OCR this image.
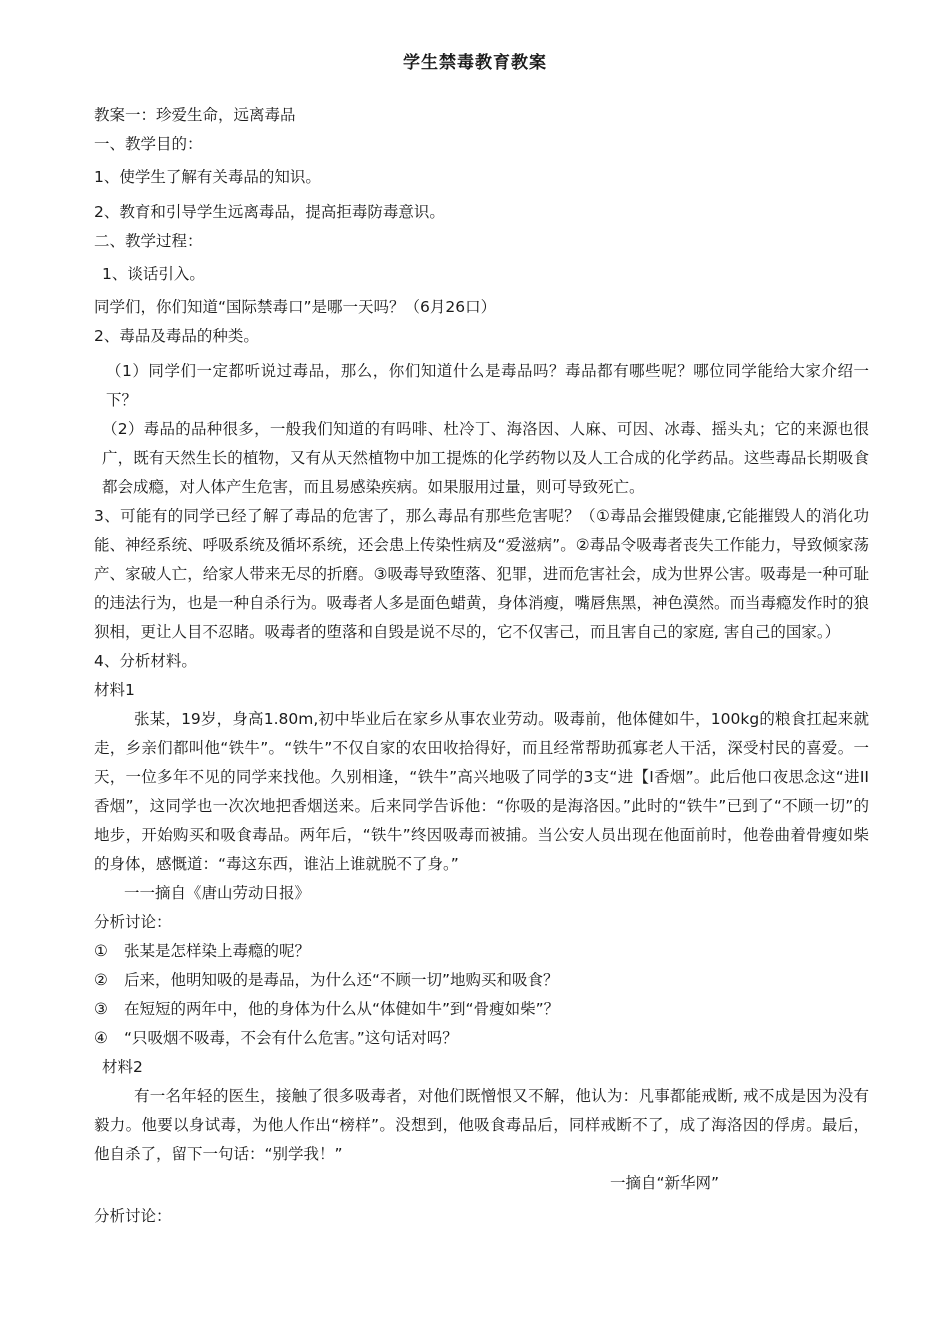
学生禁毒教育教案

教案一：珍爱生命，远离毒品

一、教学目的：

1、使学生了解有关毒品的知识。

2、教育和引导学生远离毒品，提高拒毒防毒意识。

二、教学过程：

1、谈话引入。

同学们，你们知道“国际禁毒口”是哪一天吗？（6月26口）

2、毒品及毒品的种类。

（1）同学们一定都听说过毒品，那么，你们知道什么是毒品吗？毒品都有哪些呢？哪位同学能给大家介绍一下？

（2）毒品的品种很多，一般我们知道的有吗啡、杜冷丁、海洛因、人麻、可因、冰毒、摇头丸；它的来源也很广，既有天然生长的植物，又有从天然植物中加工提炼的化学药物以及人工合成的化学药品。这些毒品长期吸食都会成瘾，对人体产生危害，而且易感染疾病。如果服用过量，则可导致死亡。

3、可能有的同学已经了解了毒品的危害了，那么毒品有那些危害呢？（①毒品会摧毁健康,它能摧毁人的消化功能、神经系统、呼吸系统及循坏系统，还会患上传染性病及“爱滋病”。②毒品令吸毒者丧失工作能力，导致倾家荡产、家破人亡，给家人带来无尽的折磨。③吸毒导致堕落、犯罪，进而危害社会，成为世界公害。吸毒是一种可耻的违法行为，也是一种自杀行为。吸毒者人多是面色蜡黄，身体消瘦，嘴唇焦黑，神色漠然。而当毒瘾发作时的狼狈相，更让人目不忍睹。吸毒者的堕落和自毁是说不尽的，它不仅害己，而且害自己的家庭, 害自己的国家。）

4、分析材料。

材料1

张某，19岁，身高1.80m,初中毕业后在家乡从事农业劳动。吸毒前，他体健如牛，100kg的粮食扛起来就走，乡亲们都叫他“铁牛”。“铁牛”不仅自家的农田收拾得好，而且经常帮助孤寡老人干活，深受村民的喜爱。一天，一位多年不见的同学来找他。久别相逢，“铁牛”高兴地吸了同学的3支“进【I香烟”。此后他口夜思念这“进II香烟”，这同学也一次次地把香烟送来。后来同学告诉他：“你吸的是海洛因。”此时的“铁牛”已到了“不顾一切”的地步，开始购买和吸食毒品。两年后，“铁牛”终因吸毒而被捕。当公安人员出现在他面前时，他卷曲着骨瘦如柴的身体，感慨道：“毒这东西，谁沾上谁就脱不了身。”

一一摘自《唐山劳动日报》

分析讨论：

① 张某是怎样染上毒瘾的呢？

② 后来，他明知吸的是毒品，为什么还“不顾一切”地购买和吸食？

③ 在短短的两年中，他的身体为什么从“体健如牛”到“骨瘦如柴”？

④ “只吸烟不吸毒，不会有什么危害。”这句话对吗？

材料2

有一名年轻的医生，接触了很多吸毒者，对他们既憎恨又不解，他认为：凡事都能戒断, 戒不成是因为没有毅力。他要以身试毒，为他人作出“榜样”。没想到，他吸食毒品后，同样戒断不了，成了海洛因的俘虏。最后，他自杀了，留下一句话：“别学我！”

一摘自“新华网”

分析讨论：
